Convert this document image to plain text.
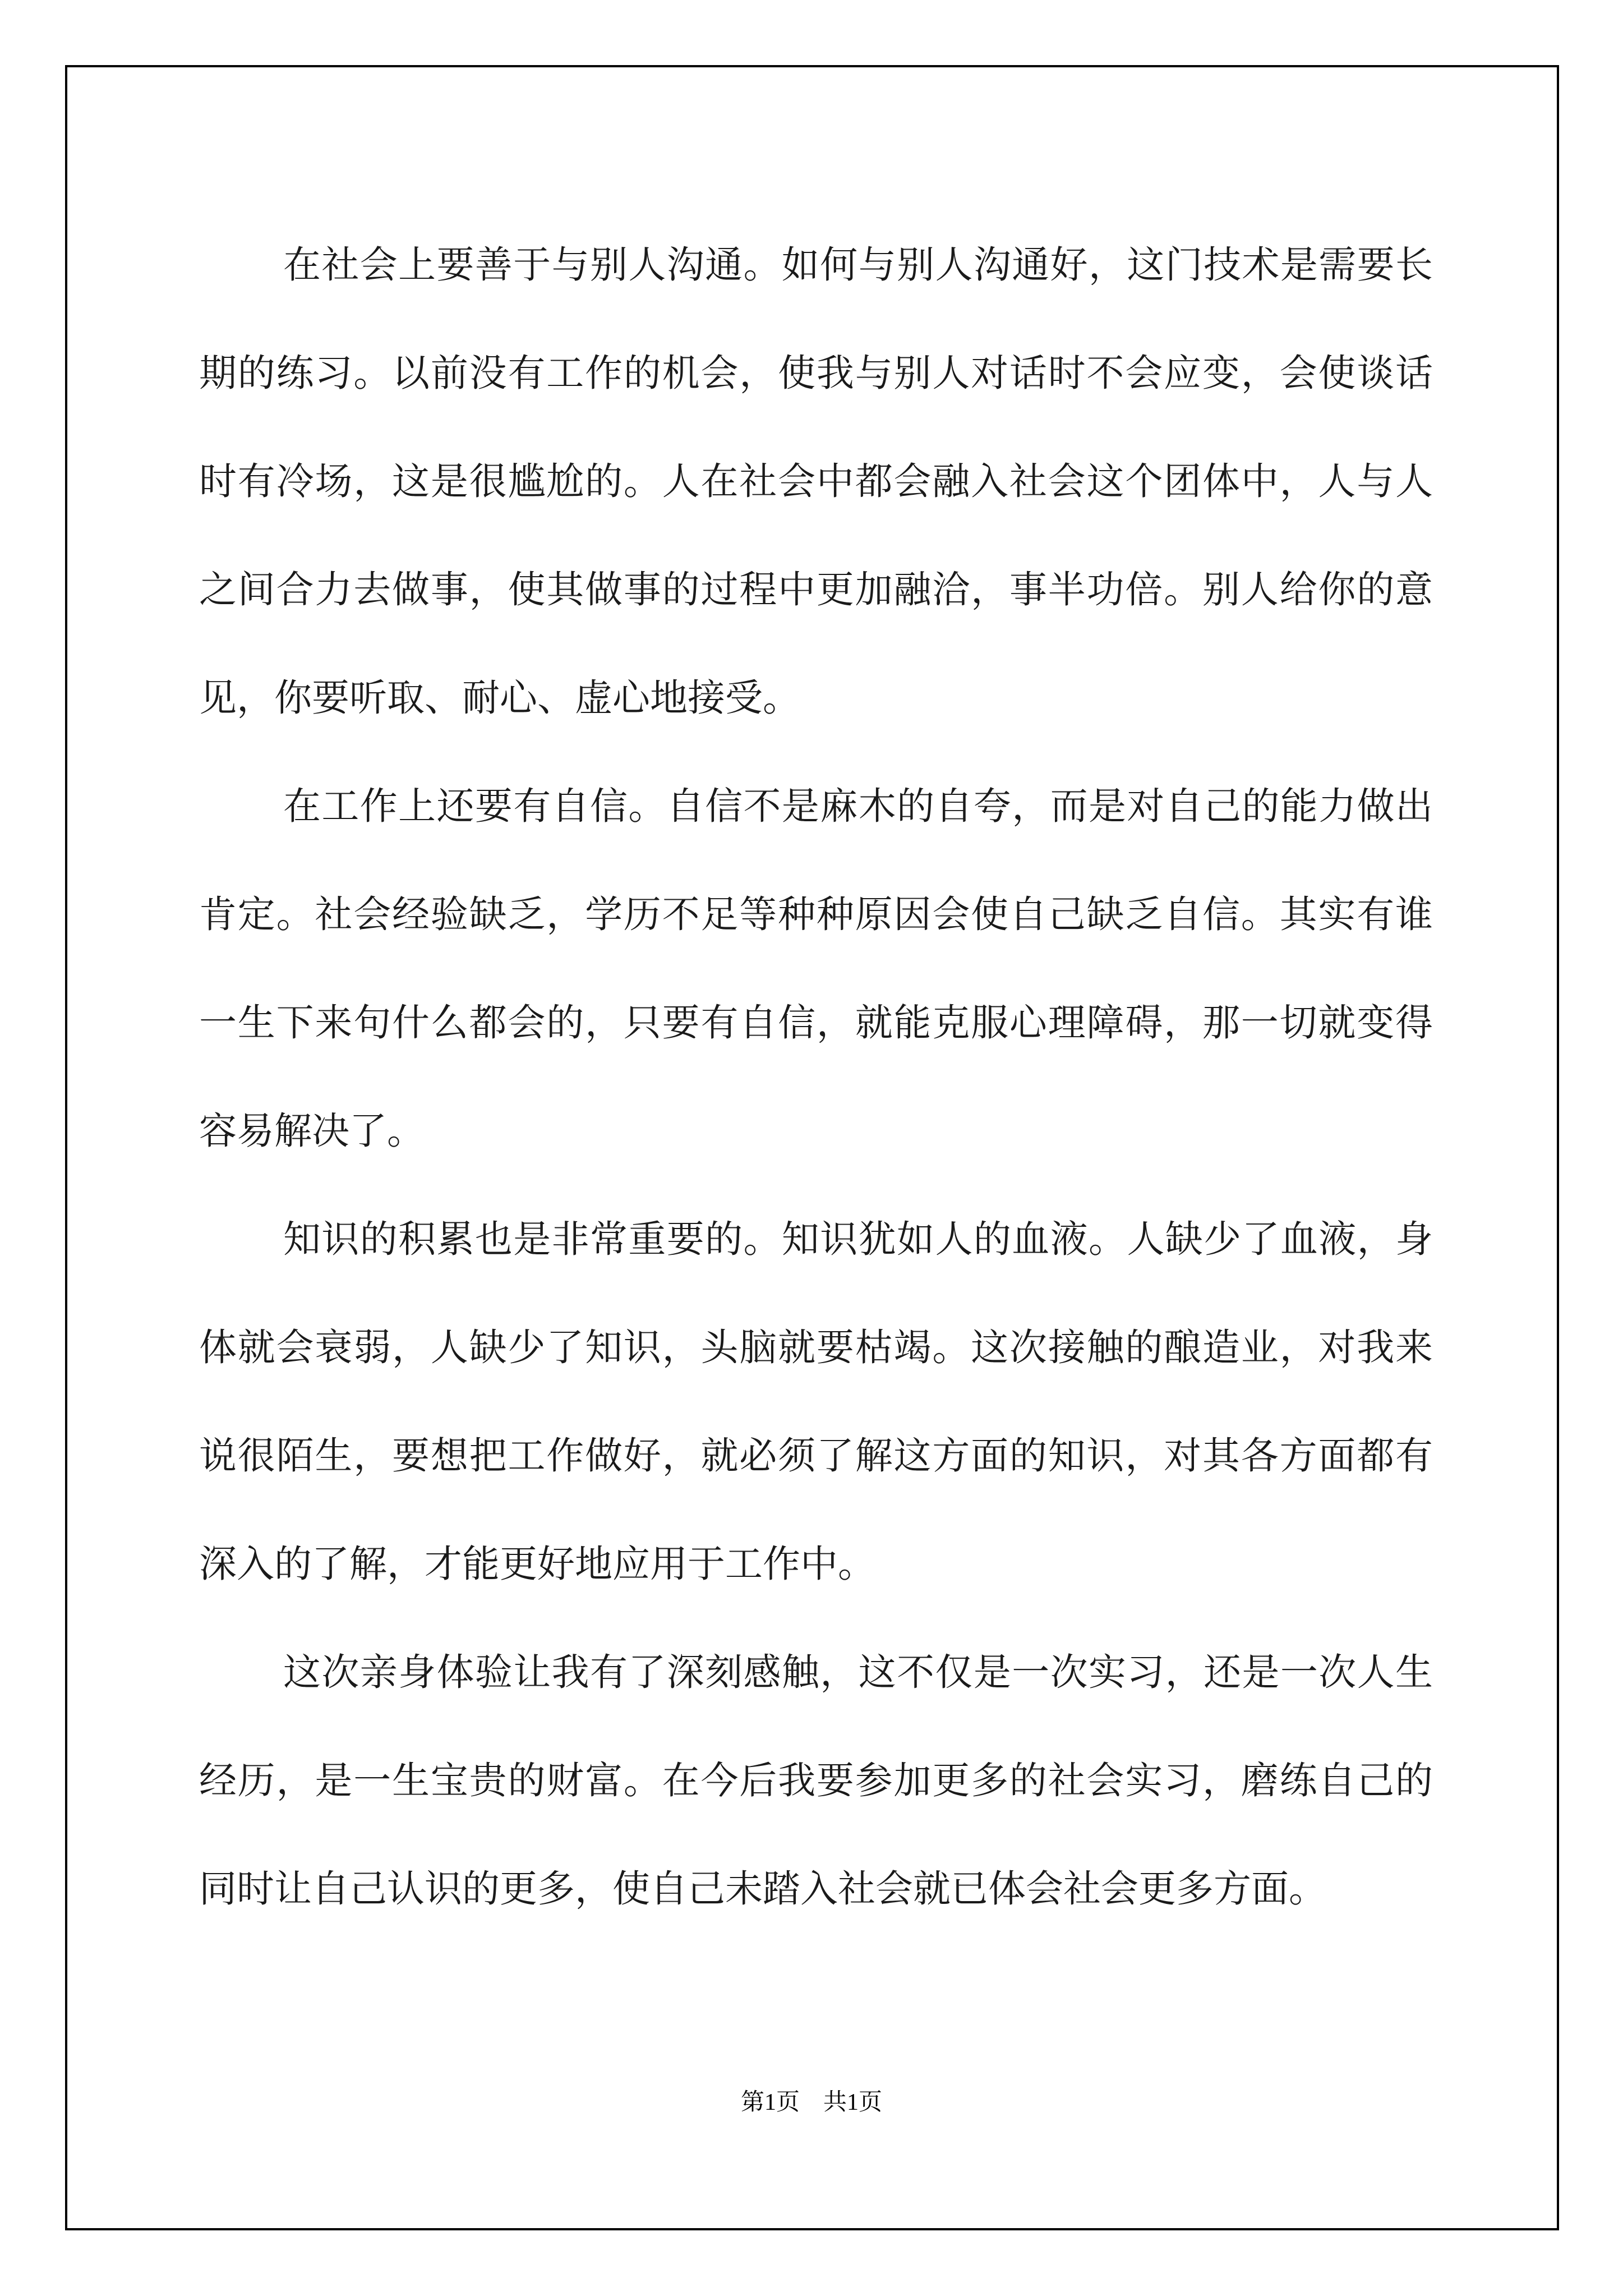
在社会上要善于与别人沟通。如何与别人沟通好，这门技术是需要长期的练习。以前没有工作的机会，使我与别人对话时不会应变，会使谈话时有冷场，这是很尴尬的。人在社会中都会融入社会这个团体中，人与人之间合力去做事，使其做事的过程中更加融洽，事半功倍。别人给你的意见，你要听取、耐心、虚心地接受。

在工作上还要有自信。自信不是麻木的自夸，而是对自己的能力做出肯定。社会经验缺乏，学历不足等种种原因会使自己缺乏自信。其实有谁一生下来句什么都会的，只要有自信，就能克服心理障碍，那一切就变得容易解决了。

知识的积累也是非常重要的。知识犹如人的血液。人缺少了血液，身体就会衰弱，人缺少了知识，头脑就要枯竭。这次接触的酿造业，对我来说很陌生，要想把工作做好，就必须了解这方面的知识，对其各方面都有深入的了解，才能更好地应用于工作中。

这次亲身体验让我有了深刻感触，这不仅是一次实习，还是一次人生经历，是一生宝贵的财富。在今后我要参加更多的社会实习，磨练自己的同时让自己认识的更多，使自己未踏入社会就已体会社会更多方面。

第1页　共1页
